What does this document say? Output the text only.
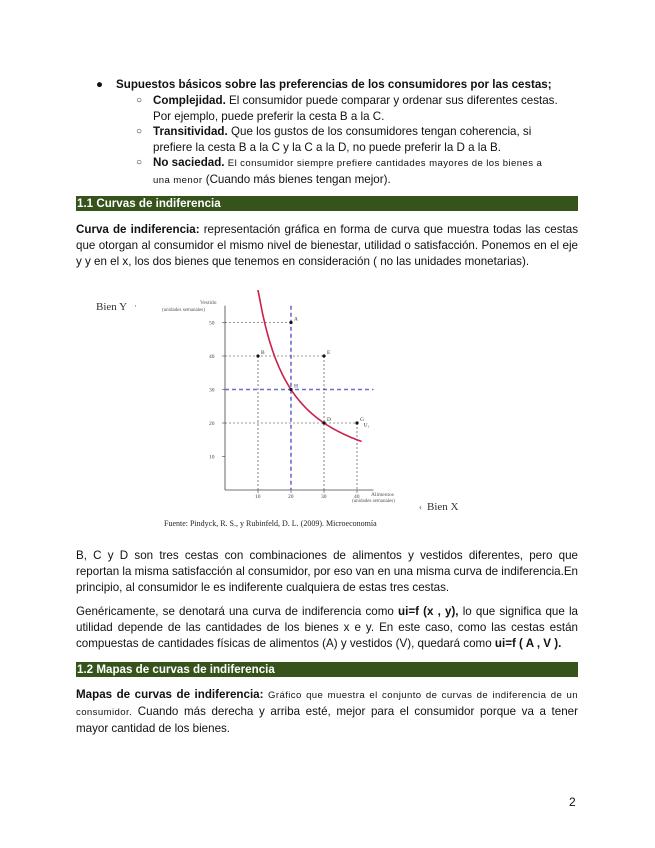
● Supuestos básicos sobre las preferencias de los consumidores por las cestas;
○ Complejidad. El consumidor puede comparar y ordenar sus diferentes cestas.
Por ejemplo, puede preferir la cesta B a la C.
○ Transitividad. Que los gustos de los consumidores tengan coherencia, si
prefiere la cesta B a la C y la C a la D, no puede preferir la D a la B.
○ No saciedad. El consumidor siempre prefiere cantidades mayores de los bienes a
una menor (Cuando más bienes tengan mejor).
1.1 Curvas de indiferencia
Curva de indiferencia: representación gráfica en forma de curva que muestra todas las cestas que otorgan al consumidor el mismo nivel de bienestar, utilidad o satisfacción. Ponemos en el eje y y en el x, los dos bienes que tenemos en consideración ( no las unidades monetarias).
Bien Y ·	Vestido
(unidades semanales)
Bien X
‹
Alimentos
(unidades semanales)
50
40
30
20
10
10	20	30	40
A
E
B
H
D	G
U₁
Fuente: Pindyck, R. S., y Rubinfeld, D. L. (2009). Microeconomía
B, C y D son tres cestas con combinaciones de alimentos y vestidos diferentes, pero que reportan la misma satisfacción al consumidor, por eso van en una misma curva de indiferencia.En principio, al consumidor le es indiferente cualquiera de estas tres cestas.
Genéricamente, se denotará una curva de indiferencia como ui=f (x , y), lo que significa que la utilidad depende de las cantidades de los bienes x e y. En este caso, como las cestas están compuestas de cantidades físicas de alimentos (A) y vestidos (V), quedará como ui=f ( A , V ).
1.2 Mapas de curvas de indiferencia
Mapas de curvas de indiferencia: Gráfico que muestra el conjunto de curvas de indiferencia de un consumidor. Cuando más derecha y arriba esté, mejor para el consumidor porque va a tener mayor cantidad de los bienes.
2
